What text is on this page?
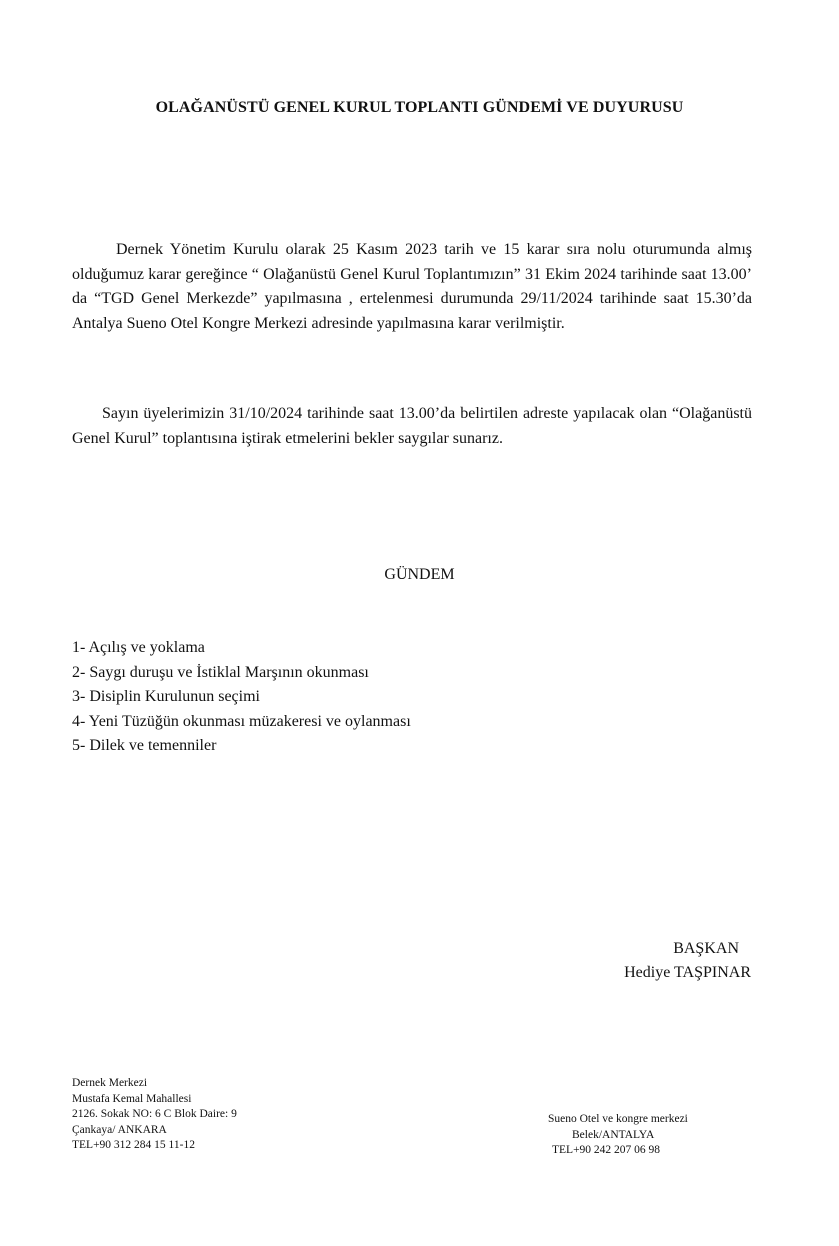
OLAĞANÜSTÜ GENEL KURUL TOPLANTI GÜNDEMİ VE DUYURUSU

Dernek Yönetim Kurulu olarak 25 Kasım 2023 tarih ve 15 karar sıra nolu oturumunda almış olduğumuz karar gereğince “ Olağanüstü Genel Kurul Toplantımızın” 31 Ekim 2024 tarihinde saat 13.00’ da “TGD Genel Merkezde” yapılmasına , ertelenmesi durumunda 29/11/2024 tarihinde saat 15.30’da Antalya Sueno Otel Kongre Merkezi adresinde yapılmasına karar verilmiştir.

Sayın üyelerimizin 31/10/2024 tarihinde saat 13.00’da belirtilen adreste yapılacak olan “Olağanüstü Genel Kurul” toplantısına iştirak etmelerini bekler saygılar sunarız.

GÜNDEM
1- Açılış ve yoklama
2- Saygı duruşu ve İstiklal Marşının okunması
3- Disiplin Kurulunun seçimi
4- Yeni Tüzüğün okunması müzakeresi ve oylanması
5- Dilek ve temenniler
BAŞKAN
Hediye TAŞPINAR
Dernek Merkezi
Mustafa Kemal Mahallesi
2126. Sokak NO: 6 C Blok Daire: 9
Çankaya/ ANKARA
TEL+90 312 284 15 11-12
Sueno Otel ve kongre merkezi
Belek/ANTALYA
TEL+90 242 207 06 98
